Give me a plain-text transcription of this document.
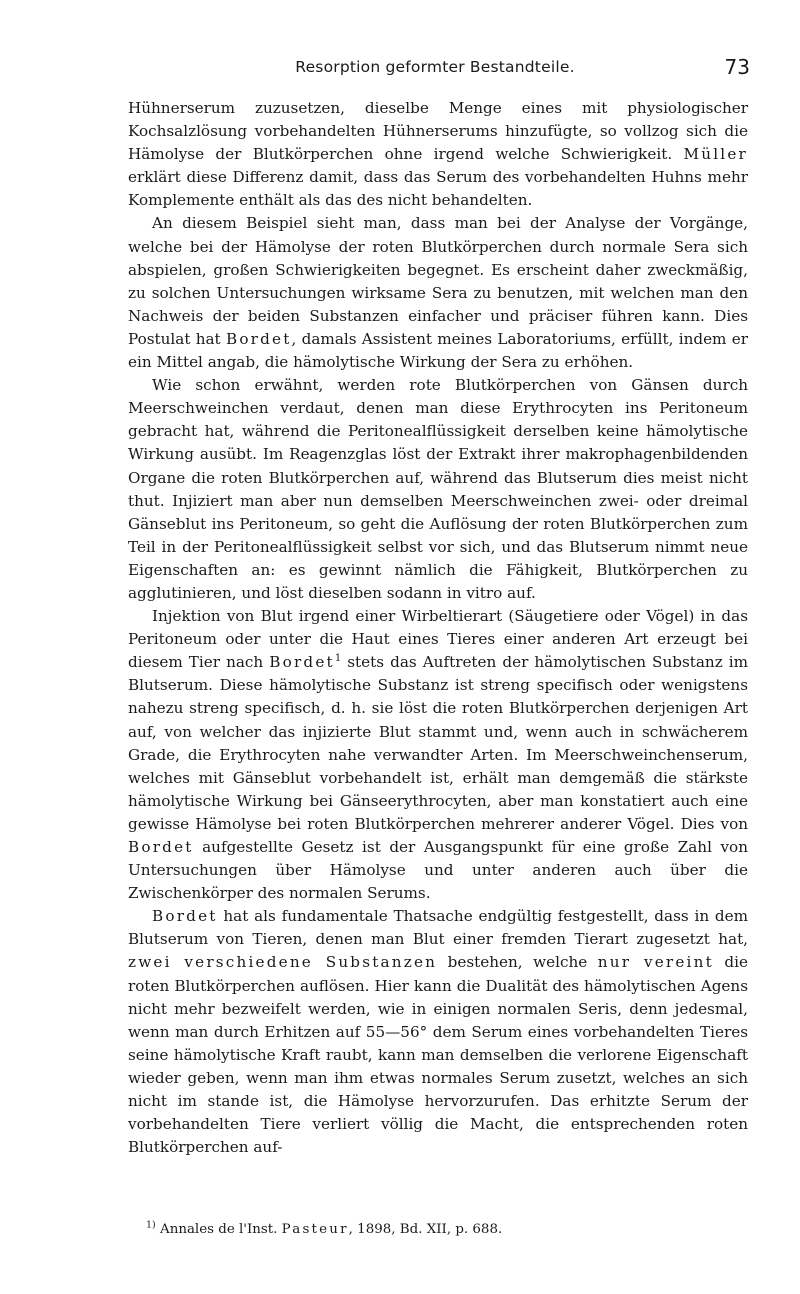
Resorption geformter Bestandteile.	73

Hühnerserum zuzusetzen, dieselbe Menge eines mit physiologischer Kochsalzlösung vorbehandelten Hühnerserums hinzufügte, so vollzog sich die Hämolyse der Blutkörperchen ohne irgend welche Schwierigkeit. Müller erklärt diese Differenz damit, dass das Serum des vorbehandelten Huhns mehr Komplemente enthält als das des nicht behandelten.

An diesem Beispiel sieht man, dass man bei der Analyse der Vorgänge, welche bei der Hämolyse der roten Blutkörperchen durch normale Sera sich abspielen, großen Schwierigkeiten begegnet. Es erscheint daher zweckmäßig, zu solchen Untersuchungen wirksame Sera zu benutzen, mit welchen man den Nachweis der beiden Substanzen einfacher und präciser führen kann. Dies Postulat hat Bordet, damals Assistent meines Laboratoriums, erfüllt, indem er ein Mittel angab, die hämolytische Wirkung der Sera zu erhöhen.

Wie schon erwähnt, werden rote Blutkörperchen von Gänsen durch Meerschweinchen verdaut, denen man diese Erythrocyten ins Peritoneum gebracht hat, während die Peritonealflüssigkeit derselben keine hämolytische Wirkung ausübt. Im Reagenzglas löst der Extrakt ihrer makrophagenbildenden Organe die roten Blutkörperchen auf, während das Blutserum dies meist nicht thut. Injiziert man aber nun demselben Meerschweinchen zwei- oder dreimal Gänseblut ins Peritoneum, so geht die Auflösung der roten Blutkörperchen zum Teil in der Peritonealflüssigkeit selbst vor sich, und das Blutserum nimmt neue Eigenschaften an: es gewinnt nämlich die Fähigkeit, Blutkörperchen zu agglutinieren, und löst dieselben sodann in vitro auf.

Injektion von Blut irgend einer Wirbeltierart (Säugetiere oder Vögel) in das Peritoneum oder unter die Haut eines Tieres einer anderen Art erzeugt bei diesem Tier nach Bordet$^1$ stets das Auftreten der hämolytischen Substanz im Blutserum. Diese hämolytische Substanz ist streng specifisch oder wenigstens nahezu streng specifisch, d. h. sie löst die roten Blutkörperchen derjenigen Art auf, von welcher das injizierte Blut stammt und, wenn auch in schwächerem Grade, die Erythrocyten nahe verwandter Arten. Im Meerschweinchenserum, welches mit Gänseblut vorbehandelt ist, erhält man demgemäß die stärkste hämolytische Wirkung bei Gänseerythrocyten, aber man konstatiert auch eine gewisse Hämolyse bei roten Blutkörperchen mehrerer anderer Vögel. Dies von Bordet aufgestellte Gesetz ist der Ausgangspunkt für eine große Zahl von Untersuchungen über Hämolyse und unter anderen auch über die Zwischenkörper des normalen Serums.

Bordet hat als fundamentale Thatsache endgültig festgestellt, dass in dem Blutserum von Tieren, denen man Blut einer fremden Tierart zugesetzt hat, zwei verschiedene Substanzen bestehen, welche nur vereint die roten Blutkörperchen auflösen. Hier kann die Dualität des hämolytischen Agens nicht mehr bezweifelt werden, wie in einigen normalen Seris, denn jedesmal, wenn man durch Erhitzen auf 55—56° dem Serum eines vorbehandelten Tieres seine hämolytische Kraft raubt, kann man demselben die verlorene Eigenschaft wieder geben, wenn man ihm etwas normales Serum zusetzt, welches an sich nicht im stande ist, die Hämolyse hervorzurufen. Das erhitzte Serum der vorbehandelten Tiere verliert völlig die Macht, die entsprechenden roten Blutkörperchen auf-

$^{1)}$ Annales de l'Inst. Pasteur, 1898, Bd. XII, p. 688.
